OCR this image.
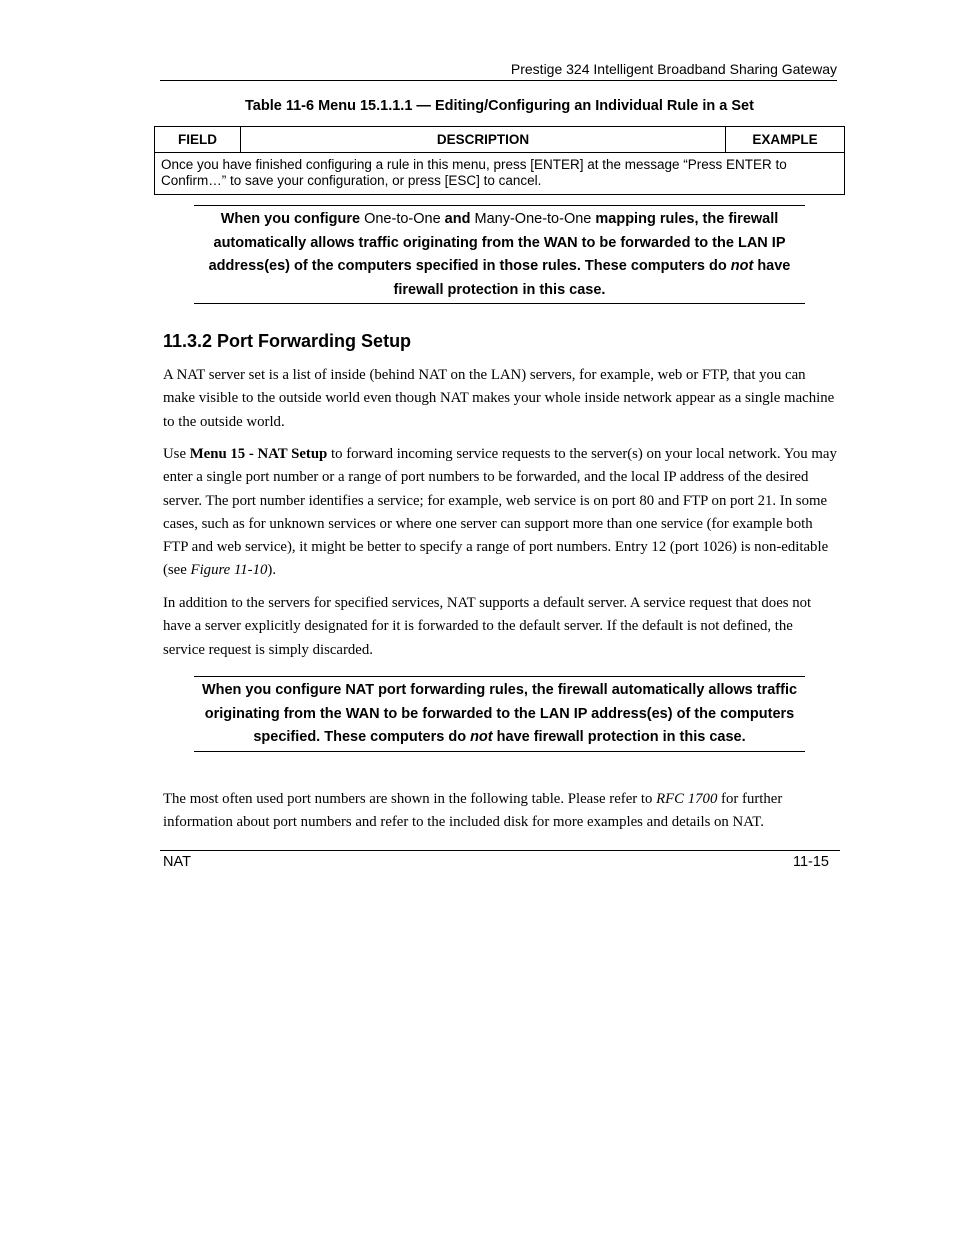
Prestige 324 Intelligent Broadband Sharing Gateway
Table 11-6 Menu 15.1.1.1 — Editing/Configuring an Individual Rule in a Set
FIELD	DESCRIPTION	EXAMPLE
Once you have finished configuring a rule in this menu, press [ENTER] at the message “Press ENTER to Confirm…” to save your configuration, or press [ESC] to cancel.
When you configure One-to-One and Many-One-to-One mapping rules, the firewall automatically allows traffic originating from the WAN to be forwarded to the LAN IP address(es) of the computers specified in those rules. These computers do not have firewall protection in this case.
11.3.2 Port Forwarding Setup

A NAT server set is a list of inside (behind NAT on the LAN) servers, for example, web or FTP, that you can make visible to the outside world even though NAT makes your whole inside network appear as a single machine to the outside world.

Use Menu 15 - NAT Setup to forward incoming service requests to the server(s) on your local network. You may enter a single port number or a range of port numbers to be forwarded, and the local IP address of the desired server. The port number identifies a service; for example, web service is on port 80 and FTP on port 21. In some cases, such as for unknown services or where one server can support more than one service (for example both FTP and web service), it might be better to specify a range of port numbers. Entry 12 (port 1026) is non-editable (see Figure 11-10).

In addition to the servers for specified services, NAT supports a default server. A service request that does not have a server explicitly designated for it is forwarded to the default server. If the default is not defined, the service request is simply discarded.

When you configure NAT port forwarding rules, the firewall automatically allows traffic originating from the WAN to be forwarded to the LAN IP address(es) of the computers specified. These computers do not have firewall protection in this case.

The most often used port numbers are shown in the following table. Please refer to RFC 1700 for further information about port numbers and refer to the included disk for more examples and details on NAT.

NAT	11-15
